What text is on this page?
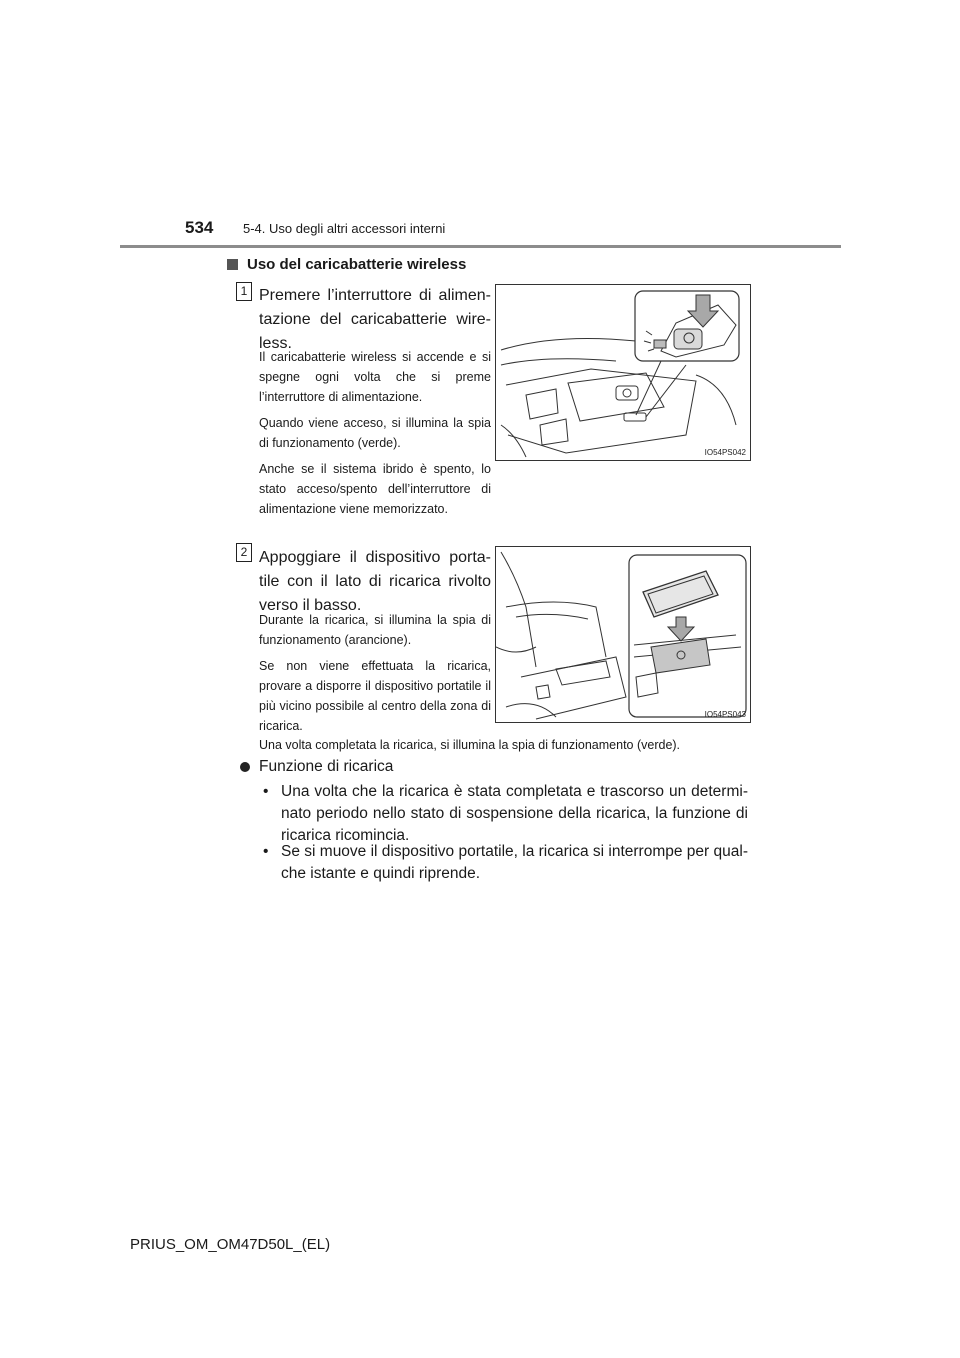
534 5-4. Uso degli altri accessori interni
Uso del caricabatterie wireless
1 Premere l’interruttore di alimentazione del caricabatterie wireless.

Il caricabatterie wireless si accende e si spegne ogni volta che si preme l’interruttore di alimentazione.

Quando viene acceso, si illumina la spia di funzionamento (verde).

Anche se il sistema ibrido è spento, lo stato acceso/spento dell’interruttore di alimentazione viene memorizzato.

IO54PS042
2 Appoggiare il dispositivo portatile con il lato di ricarica rivolto verso il basso.

Durante la ricarica, si illumina la spia di funzionamento (arancione).

Se non viene effettuata la ricarica, provare a disporre il dispositivo portatile il più vicino possibile al centro della zona di ricarica.

IO54PS043
Una volta completata la ricarica, si illumina la spia di funzionamento (verde).
Funzione di ricarica
• Una volta che la ricarica è stata completata e trascorso un determinato periodo nello stato di sospensione della ricarica, la funzione di ricarica ricomincia.
• Se si muove il dispositivo portatile, la ricarica si interrompe per qualche istante e quindi riprende.
PRIUS_OM_OM47D50L_(EL)
